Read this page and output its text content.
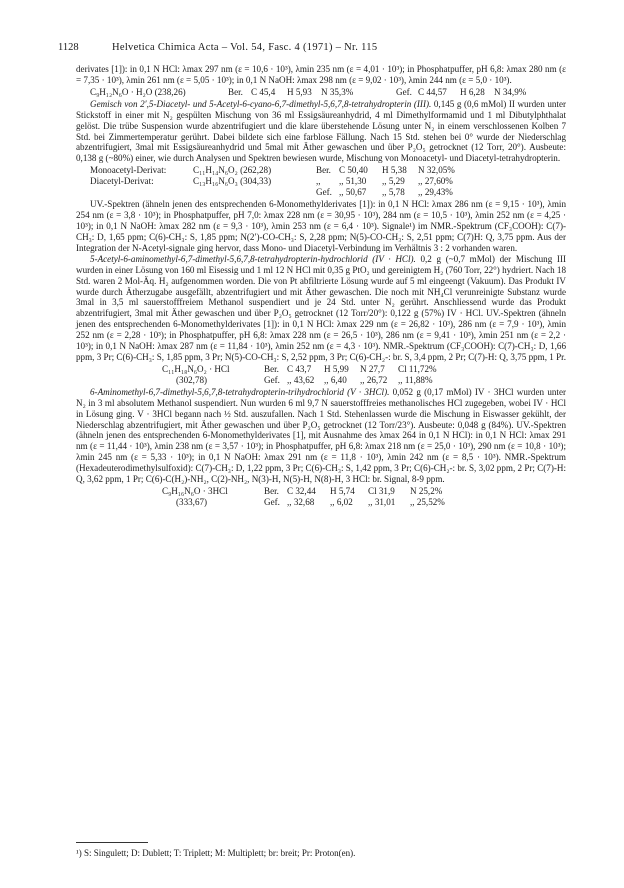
1128	Helvetica Chimica Acta – Vol. 54, Fasc. 4 (1971) – Nr. 115

derivates [1]): in 0,1 N HCl: λmax 297 nm (ε = 10,6 · 10³), λmin 235 nm (ε = 4,01 · 10³); in Phosphatpuffer, pH 6,8: λmax 280 nm (ε = 7,35 · 10³), λmin 261 nm (ε = 5,05 · 10³); in 0,1 N NaOH: λmax 298 nm (ε = 9,02 · 10³), λmin 244 nm (ε = 5,0 · 10³).

C₉H₁₂N₆O · H₂O (238,26)	Ber. C 45,4 H 5,93 N 35,3%	Gef. C 44,57 H 6,28 N 34,9%

Gemisch von 2′,5-Diacetyl- und 5-Acetyl-6-cyano-6,7-dimethyl-5,6,7,8-tetrahydropterin (III). 0,145 g (0,6 mMol) II wurden unter Stickstoff in einer mit N₂ gespülten Mischung von 36 ml Essigsäureanhydrid, 4 ml Dimethylformamid und 1 ml Dibutylphthalat gelöst. Die trübe Suspension wurde abzentrifugiert und die klare überstehende Lösung unter N₂ in einem verschlossenen Kolben 7 Std. bei Zimmertemperatur gerührt. Dabei bildete sich eine farblose Fällung. Nach 15 Std. stehen bei 0° wurde der Niederschlag abzentrifugiert, 3mal mit Essigsäureanhydrid und 5mal mit Äther gewaschen und über P₂O₅ getrocknet (12 Torr, 20°). Ausbeute: 0,138 g (~80%) einer, wie durch Analysen und Spektren bewiesen wurde, Mischung von Monoacetyl- und Diacetyl-tetrahydropterin.

Monoacetyl-Derivat:	C₁₁H₁₄N₆O₂ (262,28)	Ber. C 50,40 H 5,38 N 32,05%
Diacetyl-Derivat:	C₁₃H₁₆N₆O₃ (304,33)	,, ,, 51,30 ,, 5,29 ,, 27,60%
Gef. ,, 50,67 ,, 5,78 ,, 29,43%

UV.-Spektren (ähneln jenen des entsprechenden 6-Monomethylderivates [1]): in 0,1 N HCl: λmax 286 nm (ε = 9,15 · 10³), λmin 254 nm (ε = 3,8 · 10³); in Phosphatpuffer, pH 7,0: λmax 228 nm (ε = 30,95 · 10³), 284 nm (ε = 10,5 · 10³), λmin 252 nm (ε = 4,25 · 10³); in 0,1 N NaOH: λmax 282 nm (ε = 9,3 · 10³), λmin 253 nm (ε = 6,4 · 10³). Signale¹) im NMR.-Spektrum (CF₃COOH): C(7)-CH₃: D, 1,65 ppm; C(6)-CH₃: S, 1,85 ppm; N(2′)-CO-CH₃: S, 2,28 ppm; N(5)-CO-CH₃: S, 2,51 ppm; C(7)H: Q, 3,75 ppm. Aus der Integration der N-Acetyl-signale ging hervor, dass Mono- und Diacetyl-Verbindung im Verhältnis 3 : 2 vorhanden waren.

5-Acetyl-6-aminomethyl-6,7-dimethyl-5,6,7,8-tetrahydropterin-hydrochlorid (IV · HCl). 0,2 g (~0,7 mMol) der Mischung III wurden in einer Lösung von 160 ml Eisessig und 1 ml 12 N HCl mit 0,35 g PtO₂ und gereinigtem H₂ (760 Torr, 22°) hydriert. Nach 18 Std. waren 2 Mol-Äq. H₂ aufgenommen worden. Die von Pt abfiltrierte Lösung wurde auf 5 ml eingeengt (Vakuum). Das Produkt IV wurde durch Ätherzugabe ausgefällt, abzentrifugiert und mit Äther gewaschen. Die noch mit NH₄Cl verunreinigte Substanz wurde 3mal in 3,5 ml sauerstofffreiem Methanol suspendiert und je 24 Std. unter N₂ gerührt. Anschliessend wurde das Produkt abzentrifugiert, 3mal mit Äther gewaschen und über P₂O₅ getrocknet (12 Torr/20°): 0,122 g (57%) IV · HCl. UV.-Spektren (ähneln jenen des entsprechenden 6-Monomethylderivates [1]): in 0,1 N HCl: λmax 229 nm (ε = 26,82 · 10³), 286 nm (ε = 7,9 · 10³), λmin 252 nm (ε = 2,28 · 10³); in Phosphatpuffer, pH 6,8: λmax 228 nm (ε = 26,5 · 10³), 286 nm (ε = 9,41 · 10³), λmin 251 nm (ε = 2,2 · 10³); in 0,1 N NaOH: λmax 287 nm (ε = 11,84 · 10³), λmin 252 nm (ε = 4,3 · 10³). NMR.-Spektrum (CF₃COOH): C(7)-CH₃: D, 1,66 ppm, 3 Pr; C(6)-CH₃: S, 1,85 ppm, 3 Pr; N(5)-CO-CH₃: S, 2,52 ppm, 3 Pr; C(6)-CH₂-: br. S, 3,4 ppm, 2 Pr; C(7)-H: Q, 3,75 ppm, 1 Pr.

C₁₁H₁₈N₆O₂ · HCl	Ber. C 43,7 H 5,99 N 27,7 Cl 11,72%
(302,78)	Gef. ,, 43,62 ,, 6,40 ,, 26,72 ,, 11,88%

6-Aminomethyl-6,7-dimethyl-5,6,7,8-tetrahydropterin-trihydrochlorid (V · 3HCl). 0,052 g (0,17 mMol) IV · 3HCl wurden unter N₂ in 3 ml absolutem Methanol suspendiert. Nun wurden 6 ml 9,7 N sauerstofffreies methanolisches HCl zugegeben, wobei IV · HCl in Lösung ging. V · 3HCl begann nach ½ Std. auszufallen. Nach 1 Std. Stehenlassen wurde die Mischung in Eiswasser gekühlt, der Niederschlag abzentrifugiert, mit Äther gewaschen und über P₂O₅ getrocknet (12 Torr/23°). Ausbeute: 0,048 g (84%). UV.-Spektren (ähneln jenen des entsprechenden 6-Monomethylderivates [1], mit Ausnahme des λmax 264 in 0,1 N HCl): in 0,1 N HCl: λmax 291 nm (ε = 11,44 · 10³), λmin 238 nm (ε = 3,57 · 10³); in Phosphatpuffer, pH 6,8: λmax 218 nm (ε = 25,0 · 10³), 290 nm (ε = 10,8 · 10³); λmin 245 nm (ε = 5,33 · 10³); in 0,1 N NaOH: λmax 291 nm (ε = 11,8 · 10³), λmin 242 nm (ε = 8,5 · 10³). NMR.-Spektrum (Hexadeuterodimethylsulfoxid): C(7)-CH₃: D, 1,22 ppm, 3 Pr; C(6)-CH₃: S, 1,42 ppm, 3 Pr; C(6)-CH₂-: br. S, 3,02 ppm, 2 Pr; C(7)-H: Q, 3,62 ppm, 1 Pr; C(6)-C(H₂)-NH₂, C(2)-NH₂, N(3)-H, N(5)-H, N(8)-H, 3 HCl: br. Signal, 8-9 ppm.

C₉H₁₆N₆O · 3HCl	Ber. C 32,44 H 5,74 Cl 31,9 N 25,2%
(333,67)	Gef. ,, 32,68 ,, 6,02 ,, 31,01 ,, 25,52%
¹) S: Singulett; D: Dublett; T: Triplett; M: Multiplett; br: breit; Pr: Proton(en).
